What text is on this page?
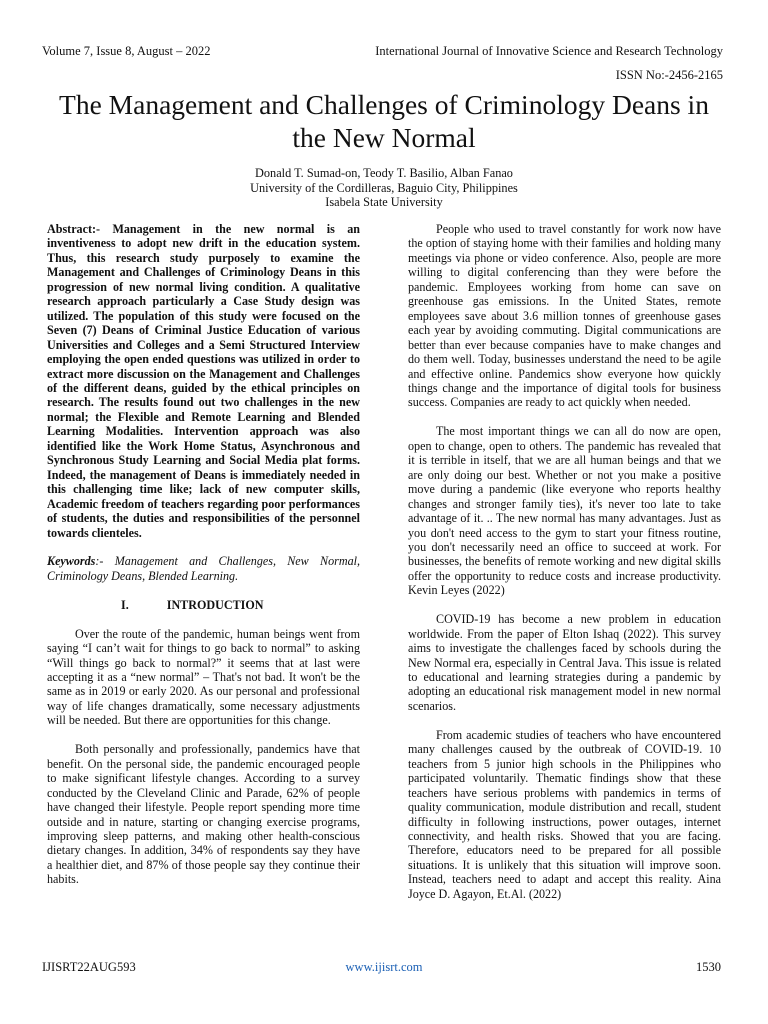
Volume 7, Issue 8, August – 2022	International Journal of Innovative Science and Research Technology
ISSN No:-2456-2165
The Management and Challenges of Criminology Deans in the New Normal
Donald T. Sumad-on, Teody T. Basilio, Alban Fanao
University of the Cordilleras, Baguio City, Philippines
Isabela State University

Abstract:- Management in the new normal is an inventiveness to adopt new drift in the education system. Thus, this research study purposely to examine the Management and Challenges of Criminology Deans in this progression of new normal living condition. A qualitative research approach particularly a Case Study design was utilized. The population of this study were focused on the Seven (7) Deans of Criminal Justice Education of various Universities and Colleges and a Semi Structured Interview employing the open ended questions was utilized in order to extract more discussion on the Management and Challenges of the different deans, guided by the ethical principles on research. The results found out two challenges in the new normal; the Flexible and Remote Learning and Blended Learning Modalities. Intervention approach was also identified like the Work Home Status, Asynchronous and Synchronous Study Learning and Social Media plat forms. Indeed, the management of Deans is immediately needed in this challenging time like; lack of new computer skills, Academic freedom of teachers regarding poor performances of students, the duties and responsibilities of the personnel towards clienteles.

Keywords:- Management and Challenges, New Normal, Criminology Deans, Blended Learning.

I.	INTRODUCTION

Over the route of the pandemic, human beings went from saying “I can’t wait for things to go back to normal” to asking “Will things go back to normal?” it seems that at last were accepting it as a “new normal” – That's not bad. It won't be the same as in 2019 or early 2020. As our personal and professional way of life changes dramatically, some necessary adjustments will be needed. But there are opportunities for this change.

Both personally and professionally, pandemics have that benefit. On the personal side, the pandemic encouraged people to make significant lifestyle changes. According to a survey conducted by the Cleveland Clinic and Parade, 62% of people have changed their lifestyle. People report spending more time outside and in nature, starting or changing exercise programs, improving sleep patterns, and making other health-conscious dietary changes. In addition, 34% of respondents say they have a healthier diet, and 87% of those people say they continue their habits.

People who used to travel constantly for work now have the option of staying home with their families and holding many meetings via phone or video conference. Also, people are more willing to digital conferencing than they were before the pandemic. Employees working from home can save on greenhouse gas emissions. In the United States, remote employees save about 3.6 million tonnes of greenhouse gases each year by avoiding commuting. Digital communications are better than ever because companies have to make changes and do them well. Today, businesses understand the need to be agile and effective online. Pandemics show everyone how quickly things change and the importance of digital tools for business success. Companies are ready to act quickly when needed.

The most important things we can all do now are open, open to change, open to others. The pandemic has revealed that it is terrible in itself, that we are all human beings and that we are only doing our best. Whether or not you make a positive move during a pandemic (like everyone who reports healthy changes and stronger family ties), it's never too late to take advantage of it. .. The new normal has many advantages. Just as you don't need access to the gym to start your fitness routine, you don't necessarily need an office to succeed at work. For businesses, the benefits of remote working and new digital skills offer the opportunity to reduce costs and increase productivity. Kevin Leyes (2022)

COVID-19 has become a new problem in education worldwide. From the paper of Elton Ishaq (2022). This survey aims to investigate the challenges faced by schools during the New Normal era, especially in Central Java. This issue is related to educational and learning strategies during a pandemic by adopting an educational risk management model in new normal scenarios.

From academic studies of teachers who have encountered many challenges caused by the outbreak of COVID-19. 10 teachers from 5 junior high schools in the Philippines who participated voluntarily. Thematic findings show that these teachers have serious problems with pandemics in terms of quality communication, module distribution and recall, student difficulty in following instructions, power outages, internet connectivity, and health risks. Showed that you are facing. Therefore, educators need to be prepared for all possible situations. It is unlikely that this situation will improve soon. Instead, teachers need to adapt and accept this reality. Aina Joyce D. Agayon, Et.Al. (2022)

IJISRT22AUG593	www.ijisrt.com	1530
